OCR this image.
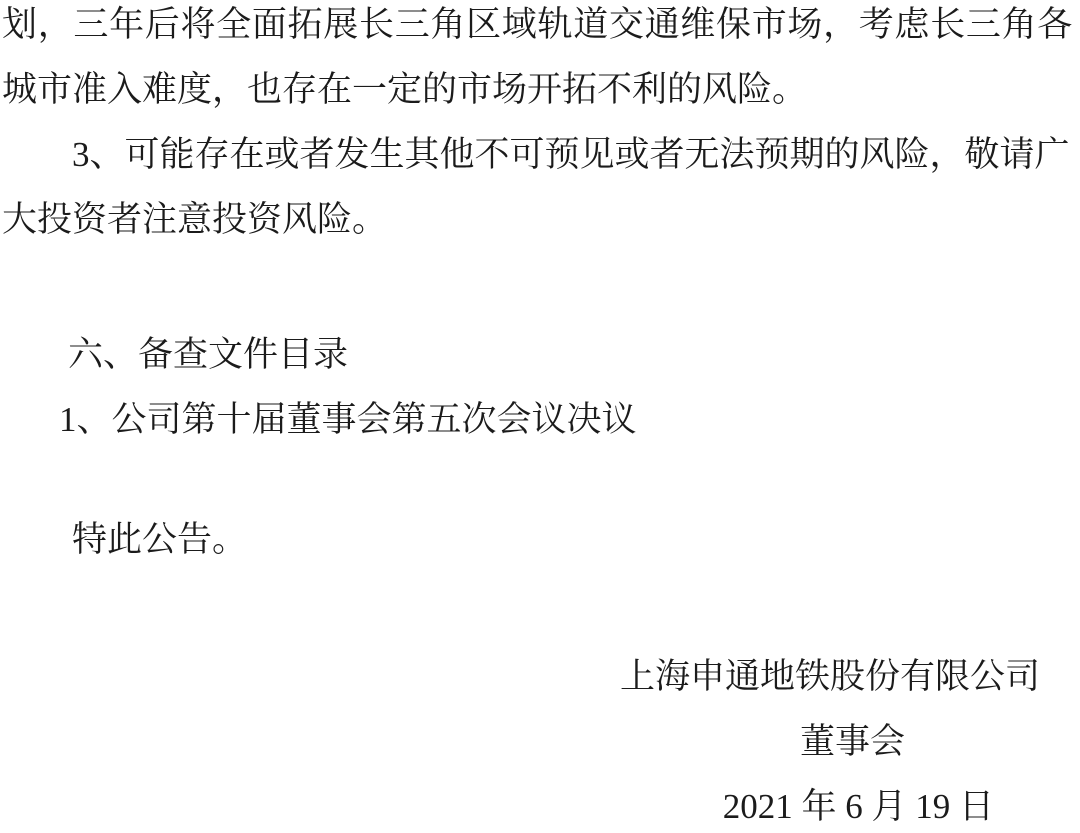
划，三年后将全面拓展长三角区域轨道交通维保市场，考虑长三角各

城市准入难度，也存在一定的市场开拓不利的风险。

3、可能存在或者发生其他不可预见或者无法预期的风险，敬请广

大投资者注意投资风险。

六、备查文件目录

1、公司第十届董事会第五次会议决议

特此公告。

上海申通地铁股份有限公司

董事会

2021 年 6 月 19 日
